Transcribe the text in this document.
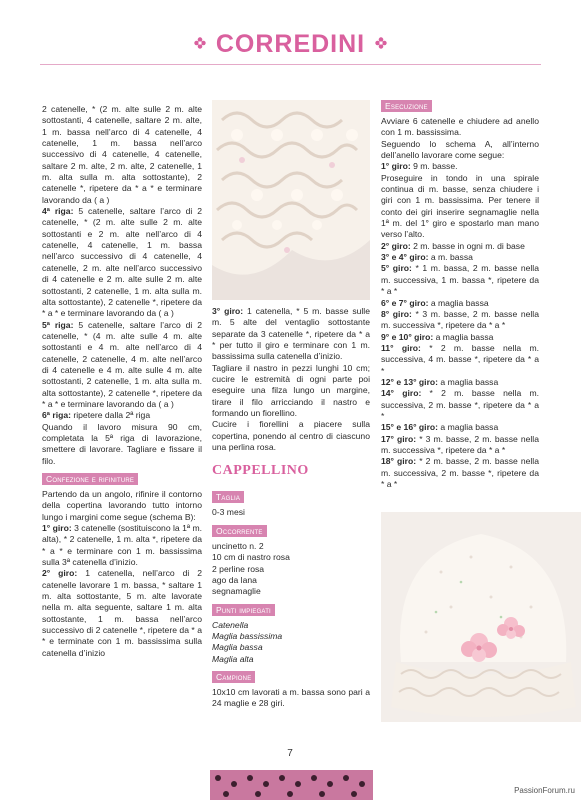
CORREDINI

2 catenelle, * (2 m. alte sulle 2 m. alte sottostanti, 4 catenelle, saltare 2 m. alte, 1 m. bassa nell’arco di 4 catenelle, 4 catenelle, 1 m. bassa nell’arco successivo di 4 catenelle, 4 catenelle, saltare 2 m. alte, 2 m. alte, 2 catenelle, 1 m. alta sulla m. alta sottostante), 2 catenelle *, ripetere da * a * e terminare lavorando da ( a )

4ª riga: 5 catenelle, saltare l’arco di 2 catenelle, * (2 m. alte sulle 2 m. alte sottostanti e 2 m. alte nell’arco di 4 catenelle, 4 catenelle, 1 m. bassa nell’arco successivo di 4 catenelle, 4 catenelle, 2 m. alte nell’arco successivo di 4 catenelle e 2 m. alte sulle 2 m. alte sottostanti, 2 catenelle, 1 m. alta sulla m. alta sottostante), 2 catenelle *, ripetere da * a * e terminare lavorando da ( a )

5ª riga: 5 catenelle, saltare l’arco di 2 catenelle, * (4 m. alte sulle 4 m. alte sottostanti e 4 m. alte nell’arco di 4 catenelle, 2 catenelle, 4 m. alte nell’arco di 4 catenelle e 4 m. alte sulle 4 m. alte sottostanti, 2 catenelle, 1 m. alta sulla m. alta sottostante), 2 catenelle *, ripetere da * a * e terminare lavorando da ( a )

6ª riga: ripetere dalla 2ª riga

Quando il lavoro misura 90 cm, completata la 5ª riga di lavorazione, smettere di lavorare. Tagliare e fissare il filo.

Confezione e rifiniture

Partendo da un angolo, rifinire il contorno della copertina lavorando tutto intorno lungo i margini come segue (schema B):

1° giro: 3 catenelle (sostituiscono la 1ª m. alta), * 2 catenelle, 1 m. alta *, ripetere da * a * e terminare con 1 m. bassissima sulla 3ª catenella d’inizio.

2° giro: 1 catenella, nell’arco di 2 catenelle lavorare 1 m. bassa, * saltare 1 m. alta sottostante, 5 m. alte lavorate nella m. alta seguente, saltare 1 m. alta sottostante, 1 m. bassa nell’arco successivo di 2 catenelle *, ripetere da * a * e terminate con 1 m. bassissima sulla catenella d’inizio

3° giro: 1 catenella, * 5 m. basse sulle m. 5 alte del ventaglio sottostante separate da 3 catenelle *, ripetere da * a * per tutto il giro e terminare con 1 m. bassissima sulla catenella d’inizio.

Tagliare il nastro in pezzi lunghi 10 cm; cucire le estremità di ogni parte poi eseguire una filza lungo un margine, tirare il filo arricciando il nastro e formando un fiorellino.

Cucire i fiorellini a piacere sulla copertina, ponendo al centro di ciascuno una perlina rosa.

CAPPELLINO
Taglia

0-3 mesi

Occorrente

uncinetto n. 2

10 cm di nastro rosa

2 perline rosa

ago da lana

segnamaglie

Punti impiegati

Catenella

Maglia bassissima

Maglia bassa

Maglia alta

Campione

10x10 cm lavorati a m. bassa sono pari a 24 maglie e 28 giri.

Esecuzione

Avviare 6 catenelle e chiudere ad anello con 1 m. bassissima.

Seguendo lo schema A, all’interno dell’anello lavorare come segue:

1° giro: 9 m. basse.

Proseguire in tondo in una spirale continua di m. basse, senza chiudere i giri con 1 m. bassissima. Per tenere il conto dei giri inserire segnamaglie nella 1ª m. del 1° giro e spostarlo man mano verso l’alto.

2° giro: 2 m. basse in ogni m. di base

3° e 4° giro: a m. bassa

5° giro: * 1 m. bassa, 2 m. basse nella m. successiva, 1 m. bassa *, ripetere da * a *

6° e 7° giro: a maglia bassa

8° giro: * 3 m. basse, 2 m. basse nella m. successiva *, ripetere da * a *

9° e 10° giro: a maglia bassa

11° giro: * 2 m. basse nella m. successiva, 4 m. basse *, ripetere da * a *

12° e 13° giro: a maglia bassa

14° giro: * 2 m. basse nella m. successiva, 2 m. basse *, ripetere da * a *

15° e 16° giro: a maglia bassa

17° giro: * 3 m. basse, 2 m. basse nella m. successiva *, ripetere da * a *

18° giro: * 2 m. basse, 2 m. basse nella m. successiva, 2 m. basse *, ripetere da * a *

7
PassionForum.ru
